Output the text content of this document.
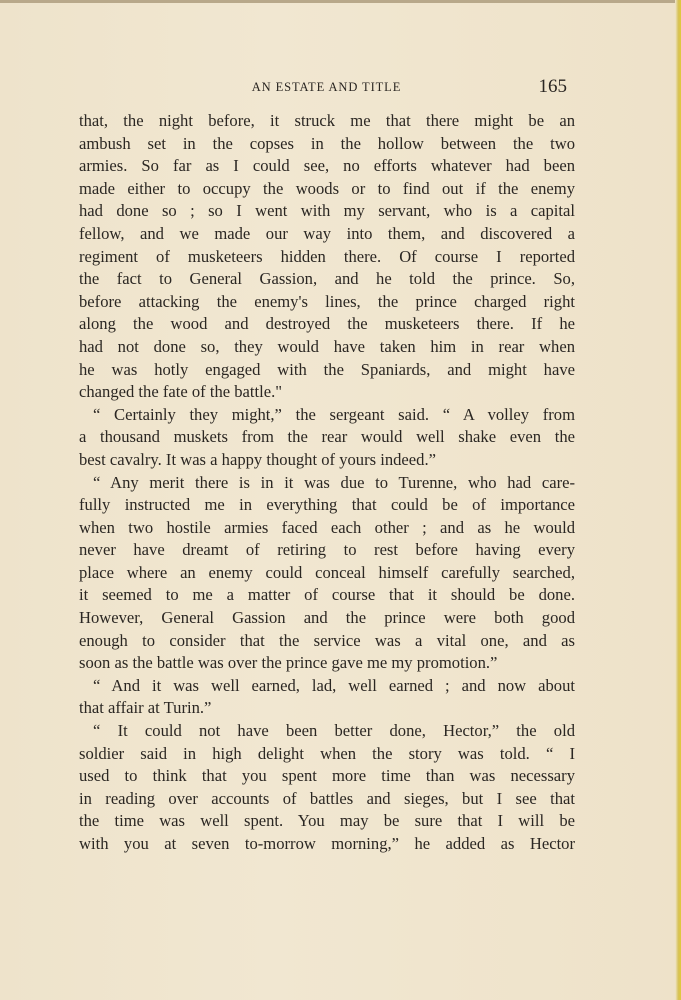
AN ESTATE AND TITLE	165
that, the night before, it struck me that there might be an
ambush set in the copses in the hollow between the two
armies. So far as I could see, no efforts whatever had been
made either to occupy the woods or to find out if the enemy
had done so ; so I went with my servant, who is a capital
fellow, and we made our way into them, and discovered a
regiment of musketeers hidden there. Of course I reported
the fact to General Gassion, and he told the prince. So,
before attacking the enemy's lines, the prince charged right
along the wood and destroyed the musketeers there. If he
had not done so, they would have taken him in rear when
he was hotly engaged with the Spaniards, and might have
changed the fate of the battle."
“ Certainly they might,” the sergeant said. “ A volley from
a thousand muskets from the rear would well shake even the
best cavalry. It was a happy thought of yours indeed.”
“ Any merit there is in it was due to Turenne, who had care-
fully instructed me in everything that could be of importance
when two hostile armies faced each other ; and as he would
never have dreamt of retiring to rest before having every
place where an enemy could conceal himself carefully searched,
it seemed to me a matter of course that it should be done.
However, General Gassion and the prince were both good
enough to consider that the service was a vital one, and as
soon as the battle was over the prince gave me my promotion.”
“ And it was well earned, lad, well earned ; and now about
that affair at Turin.”
“ It could not have been better done, Hector,” the old
soldier said in high delight when the story was told. “ I
used to think that you spent more time than was necessary
in reading over accounts of battles and sieges, but I see that
the time was well spent. You may be sure that I will be
with you at seven to-morrow morning,” he added as Hector
